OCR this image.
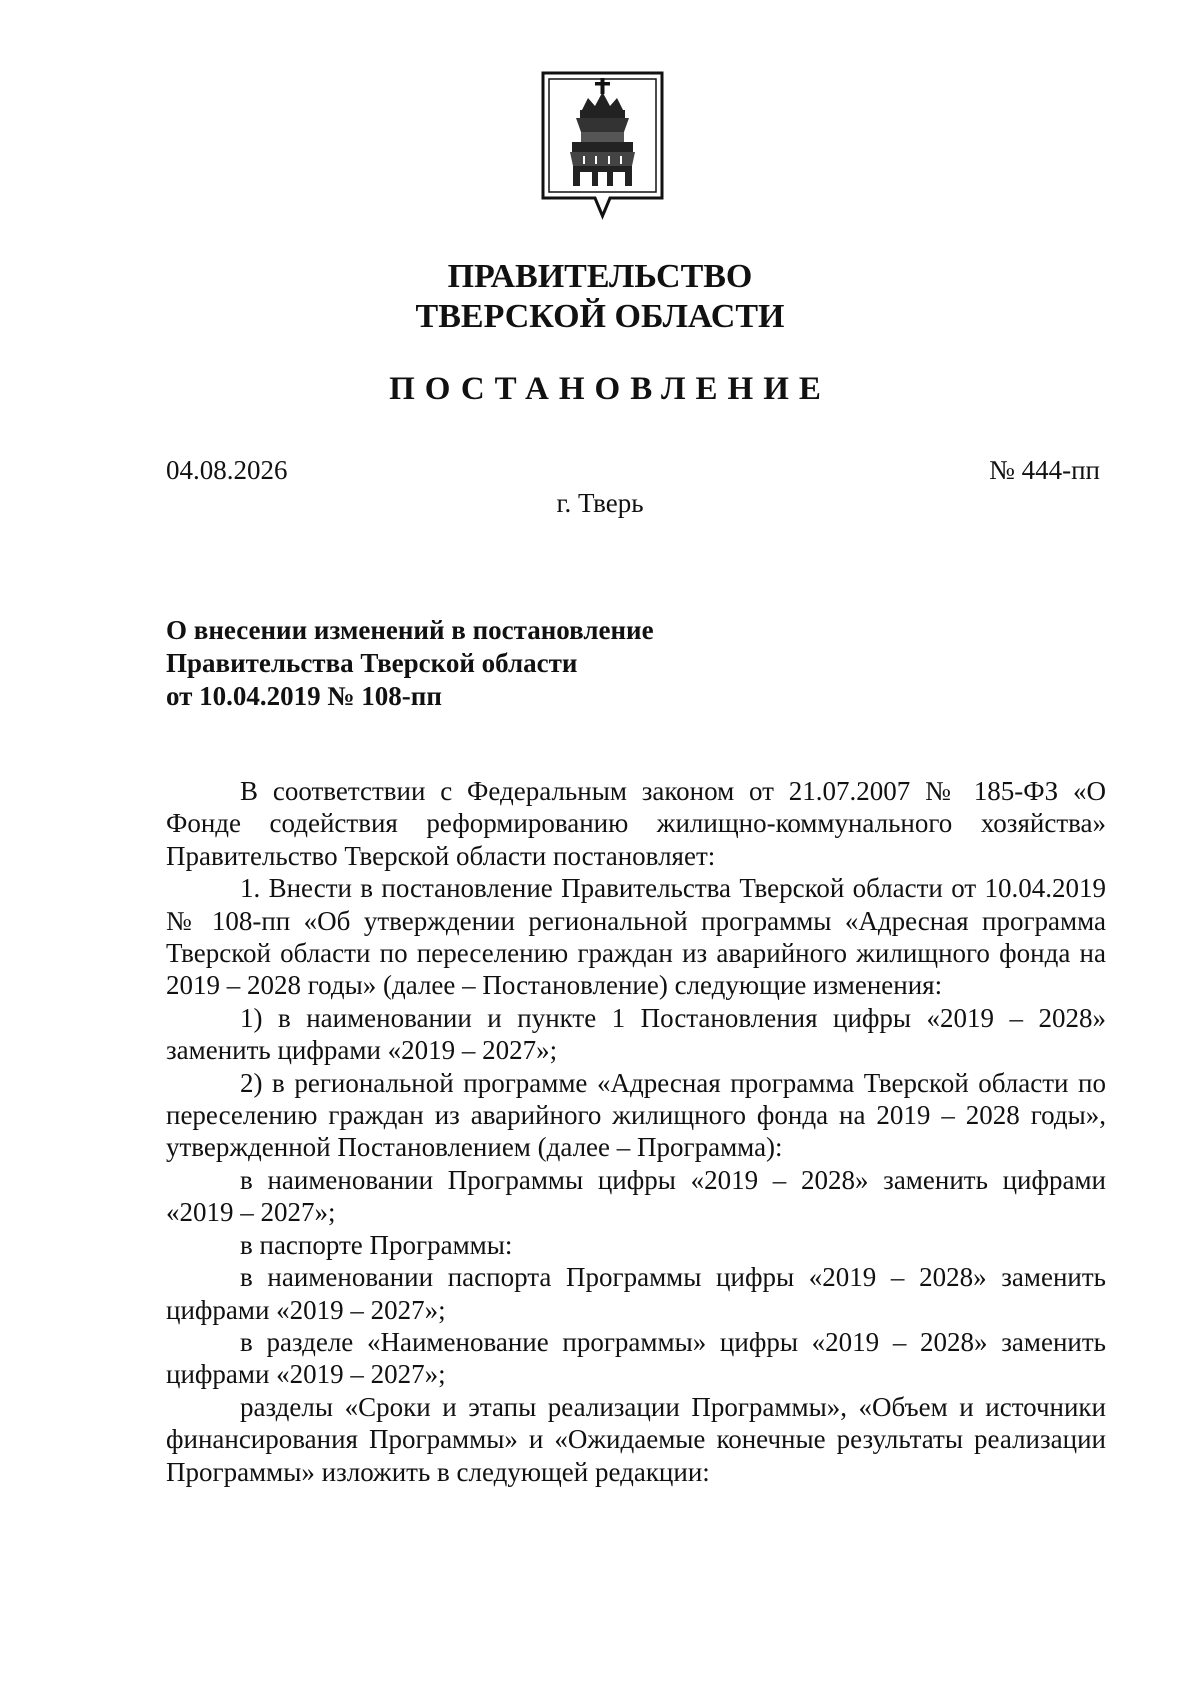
ПРАВИТЕЛЬСТВО
ТВЕРСКОЙ ОБЛАСТИ
ПОСТАНОВЛЕНИЕ
04.08.2026	№ 444-пп
г. Тверь
О внесении изменений в постановление
Правительства Тверской области
от 10.04.2019 № 108-пп

В соответствии с Федеральным законом от 21.07.2007 № 185-ФЗ «О Фонде содействия реформированию жилищно-коммунального хозяйства» Правительство Тверской области постановляет:

1. Внести в постановление Правительства Тверской области от 10.04.2019 № 108-пп «Об утверждении региональной программы «Адресная программа Тверской области по переселению граждан из аварийного жилищного фонда на 2019 – 2028 годы» (далее – Постановление) следующие изменения:

1) в наименовании и пункте 1 Постановления цифры «2019 – 2028» заменить цифрами «2019 – 2027»;

2) в региональной программе «Адресная программа Тверской области по переселению граждан из аварийного жилищного фонда на 2019 – 2028 годы», утвержденной Постановлением (далее – Программа):

в наименовании Программы цифры «2019 – 2028» заменить цифрами «2019 – 2027»;

в паспорте Программы:

в наименовании паспорта Программы цифры «2019 – 2028» заменить цифрами «2019 – 2027»;

в разделе «Наименование программы» цифры «2019 – 2028» заменить цифрами «2019 – 2027»;

разделы «Сроки и этапы реализации Программы», «Объем и источники финансирования Программы» и «Ожидаемые конечные результаты реализации Программы» изложить в следующей редакции:
